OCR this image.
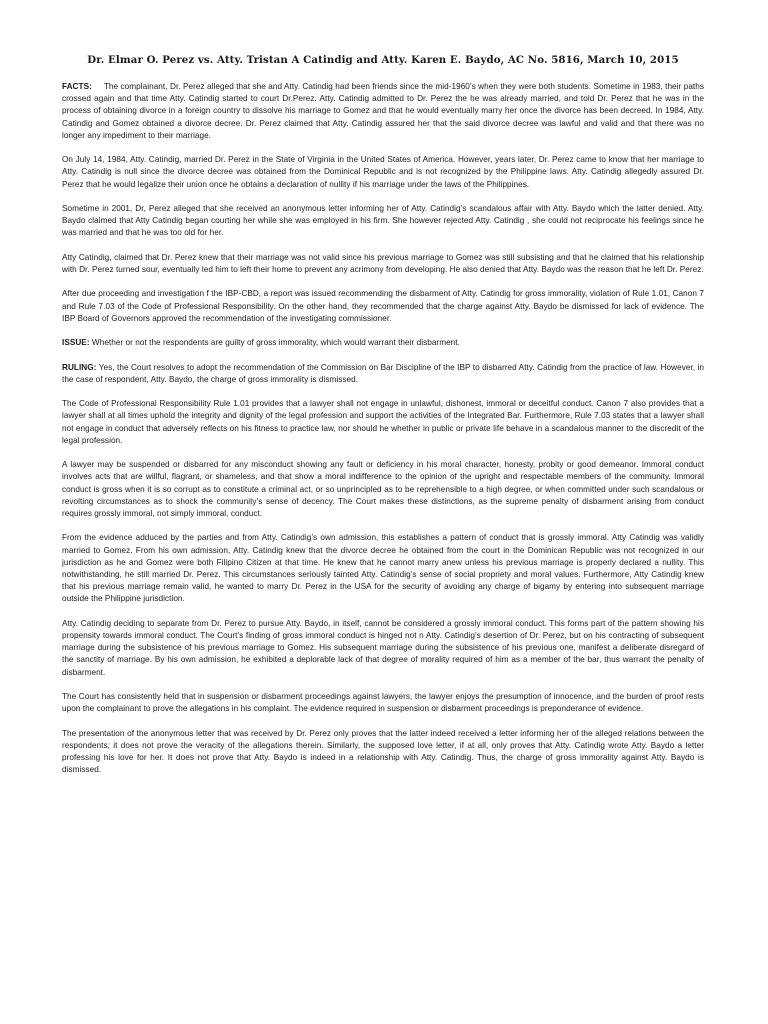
Dr. Elmar O. Perez vs. Atty. Tristan A Catindig and Atty. Karen E. Baydo, AC No. 5816, March 10, 2015

FACTS: The complainant, Dr. Perez alleged that she and Atty. Catindig had been friends since the mid-1960’s when they were both students. Sometime in 1983, their paths crossed again and that time Atty. Catindig started to court Dr.Perez. Atty. Catindig admitted to Dr. Perez the he was already married, and told Dr. Perez that he was in the process of obtaining divorce in a foreign country to dissolve his marriage to Gomez and that he would eventually marry her once the divorce has been decreed. In 1984, Atty. Catindig and Gomez obtained a divorce decree. Dr. Perez claimed that Atty. Catindig assured her that the said divorce decree was lawful and valid and that there was no longer any impediment to their marriage.

On July 14, 1984, Atty. Catindig, married Dr. Perez in the State of Virginia in the United States of America. However, years later, Dr. Perez came to know that her marriage to Atty. Catindig is null since the divorce decree was obtained from the Dominical Republic and is not recognized by the Philippine laws. Atty. Catindig allegedly assured Dr. Perez that he would legalize their union once he obtains a declaration of nullity if his marriage under the laws of the Philippines.

Sometime in 2001, Dr, Perez alleged that she received an anonymous letter informing her of Atty. Catindig’s scandalous affair with Atty. Baydo which the latter denied. Atty. Baydo claimed that Atty Catindig began courting her while she was employed in his firm. She however rejected Atty. Catindig , she could not reciprocate his feelings since he was married and that he was too old for her.

Atty Catindig, claimed that Dr. Perez knew that their marriage was not valid since his previous marriage to Gomez was still subsisting and that he claimed that his relationship with Dr. Perez turned sour, eventually led him to left their home to prevent any acrimony from developing. He also denied that Atty. Baydo was the reason that he left Dr. Perez.

After due proceeding and investigation f the IBP-CBD, a report was issued recommending the disbarment of Atty. Catindig for gross immorality, violation of Rule 1.01, Canon 7 and Rule 7.03 of the Code of Professional Responsibility. On the other hand, they recommended that the charge against Atty. Baydo be dismissed for lack of evidence. The IBP Board of Governors approved the recommendation of the investigating commissioner.

ISSUE: Whether or not the respondents are guilty of gross immorality, which would warrant their disbarment.

RULING: Yes, the Court resolves to adopt the recommendation of the Commission on Bar Discipline of the IBP to disbarred Atty. Catindig from the practice of law. However, in the case of respondent, Atty. Baydo, the charge of gross immorality is dismissed.

The Code of Professional Responsibility Rule 1.01 provides that a lawyer shall not engage in unlawful, dishonest, immoral or deceitful conduct. Canon 7 also provides that a lawyer shall at all times uphold the integrity and dignity of the legal profession and support the activities of the Integrated Bar. Furthermore, Rule 7.03 states that a lawyer shall not engage in conduct that adversely reflects on his fitness to practice law, nor should he whether in public or private life behave in a scandalous manner to the discredit of the legal profession.

A lawyer may be suspended or disbarred for any misconduct showing any fault or deficiency in his moral character, honesty, probity or good demeanor. Immoral conduct involves acts that are willful, flagrant, or shameless, and that show a moral indifference to the opinion of the upright and respectable members of the community. Immoral conduct is gross when it is so corrupt as to constitute a criminal act, or so unprincipled as to be reprehensible to a high degree, or when committed under such scandalous or revolting circumstances as to shock the community’s sense of decency. The Court makes these distinctions, as the supreme penalty of disbarment arising from conduct requires grossly immoral, not simply immoral, conduct.

From the evidence adduced by the parties and from Atty. Catindig’s own admission, this establishes a pattern of conduct that is grossly immoral. Atty Catindig was validly married to Gomez. From his own admission, Atty. Catindig knew that the divorce decree he obtained from the court in the Dominican Republic was not recognized in our jurisdiction as he and Gomez were both Filipino Citizen at that time. He knew that he cannot marry anew unless his previous marriage is properly declared a nullity. This notwithstanding, he still married Dr. Perez. This circumstances seriously tainted Atty. Catindig’s sense of social propriety and moral values. Furthermore, Atty Catindig knew that his previous marriage remain valid, he wanted to marry Dr. Perez in the USA for the security of avoiding any charge of bigamy by entering into subsequent marriage outside the Philippine jurisdiction.

Atty. Catindig deciding to separate from Dr. Perez to pursue Atty. Baydo, in itself, cannot be considered a grossly immoral conduct. This forms part of the pattern showing his propensity towards immoral conduct. The Court’s finding of gross immoral conduct is hinged not n Atty. Catindig’s desertion of Dr. Perez, but on his contracting of subsequent marriage during the subsistence of his previous marriage to Gomez. His subsequent marriage during the subsistence of his previous one, manifest a deliberate disregard of the sanctity of marriage. By his own admission, he exhibited a deplorable lack of that degree of morality required of him as a member of the bar, thus warrant the penalty of disbarment.

The Court has consistently held that in suspension or disbarment proceedings against lawyers, the lawyer enjoys the presumption of innocence, and the burden of proof rests upon the complainant to prove the allegations in his complaint. The evidence required in suspension or disbarment proceedings is preponderance of evidence.

The presentation of the anonymous letter that was received by Dr. Perez only proves that the latter indeed received a letter informing her of the alleged relations between the respondents; it does not prove the veracity of the allegations therein. Similarly, the supposed love letter, if at all, only proves that Atty. Catindig wrote Atty. Baydo a letter professing his love for her. It does not prove that Atty. Baydo is indeed in a relationship with Atty. Catindig. Thus, the charge of gross immorality against Atty. Baydo is dismissed.
